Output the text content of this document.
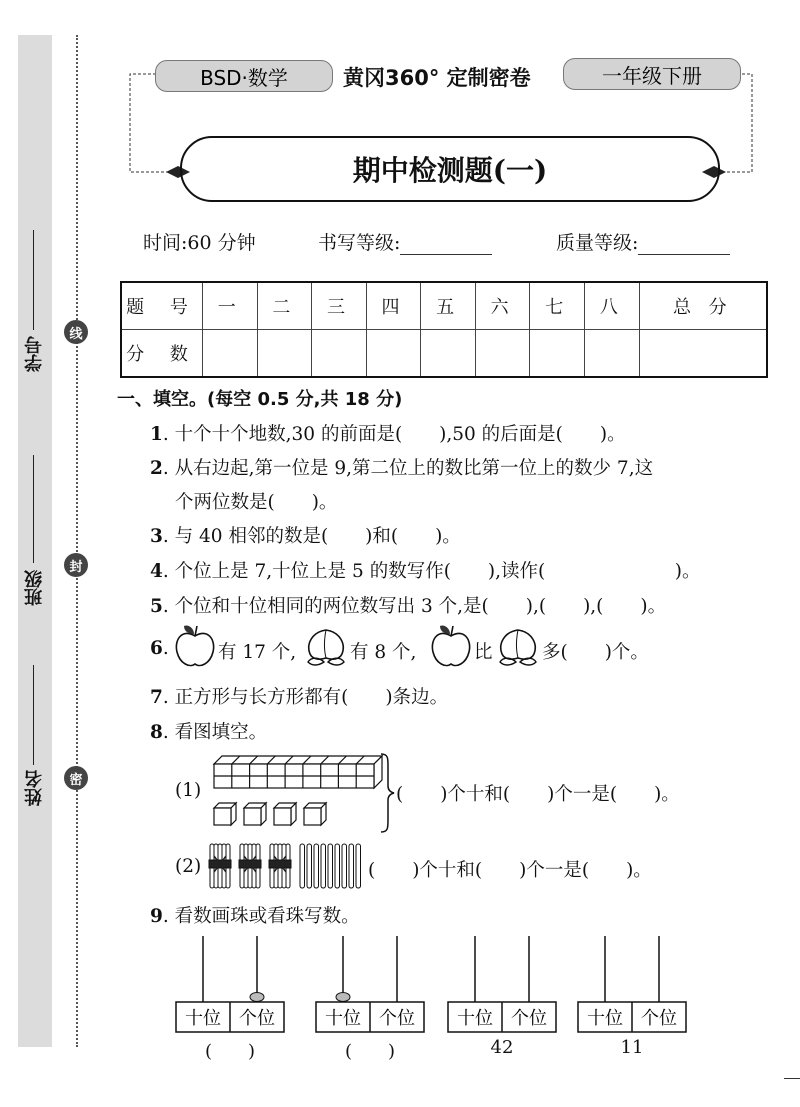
学号
班级
姓名
线
封
密
BSD·数学	黄冈360° 定制密卷	一年级下册
期中检测题(一)
时间:60 分钟	书写等级:	质量等级:
题 号	一	二	三	四	五	六	七	八	总 分
分 数									
一、填空。(每空 0.5 分,共 18 分)
1. 十个十个地数,30 的前面是(　　),50 的后面是(　　)。
2. 从右边起,第一位是 9,第二位上的数比第一位上的数少 7,这
个两位数是(　　)。
3. 与 40 相邻的数是(　　)和(　　)。
4. 个位上是 7,十位上是 5 的数写作(　　),读作(　　　　　　　)。
5. 个位和十位相同的两位数写出 3 个,是(　　),(　　),(　　)。
6.	有 17 个,	有 8 个,	比	多(　　)个。
7. 正方形与长方形都有(　　)条边。
8. 看图填空。
(1)	(　　)个十和(　　)个一是(　　)。
(2)	(　　)个十和(　　)个一是(　　)。
9. 看数画珠或看珠写数。
十位 个位	十位 个位 十位 个位 十位 个位
(　　)	(　　)	42	11
